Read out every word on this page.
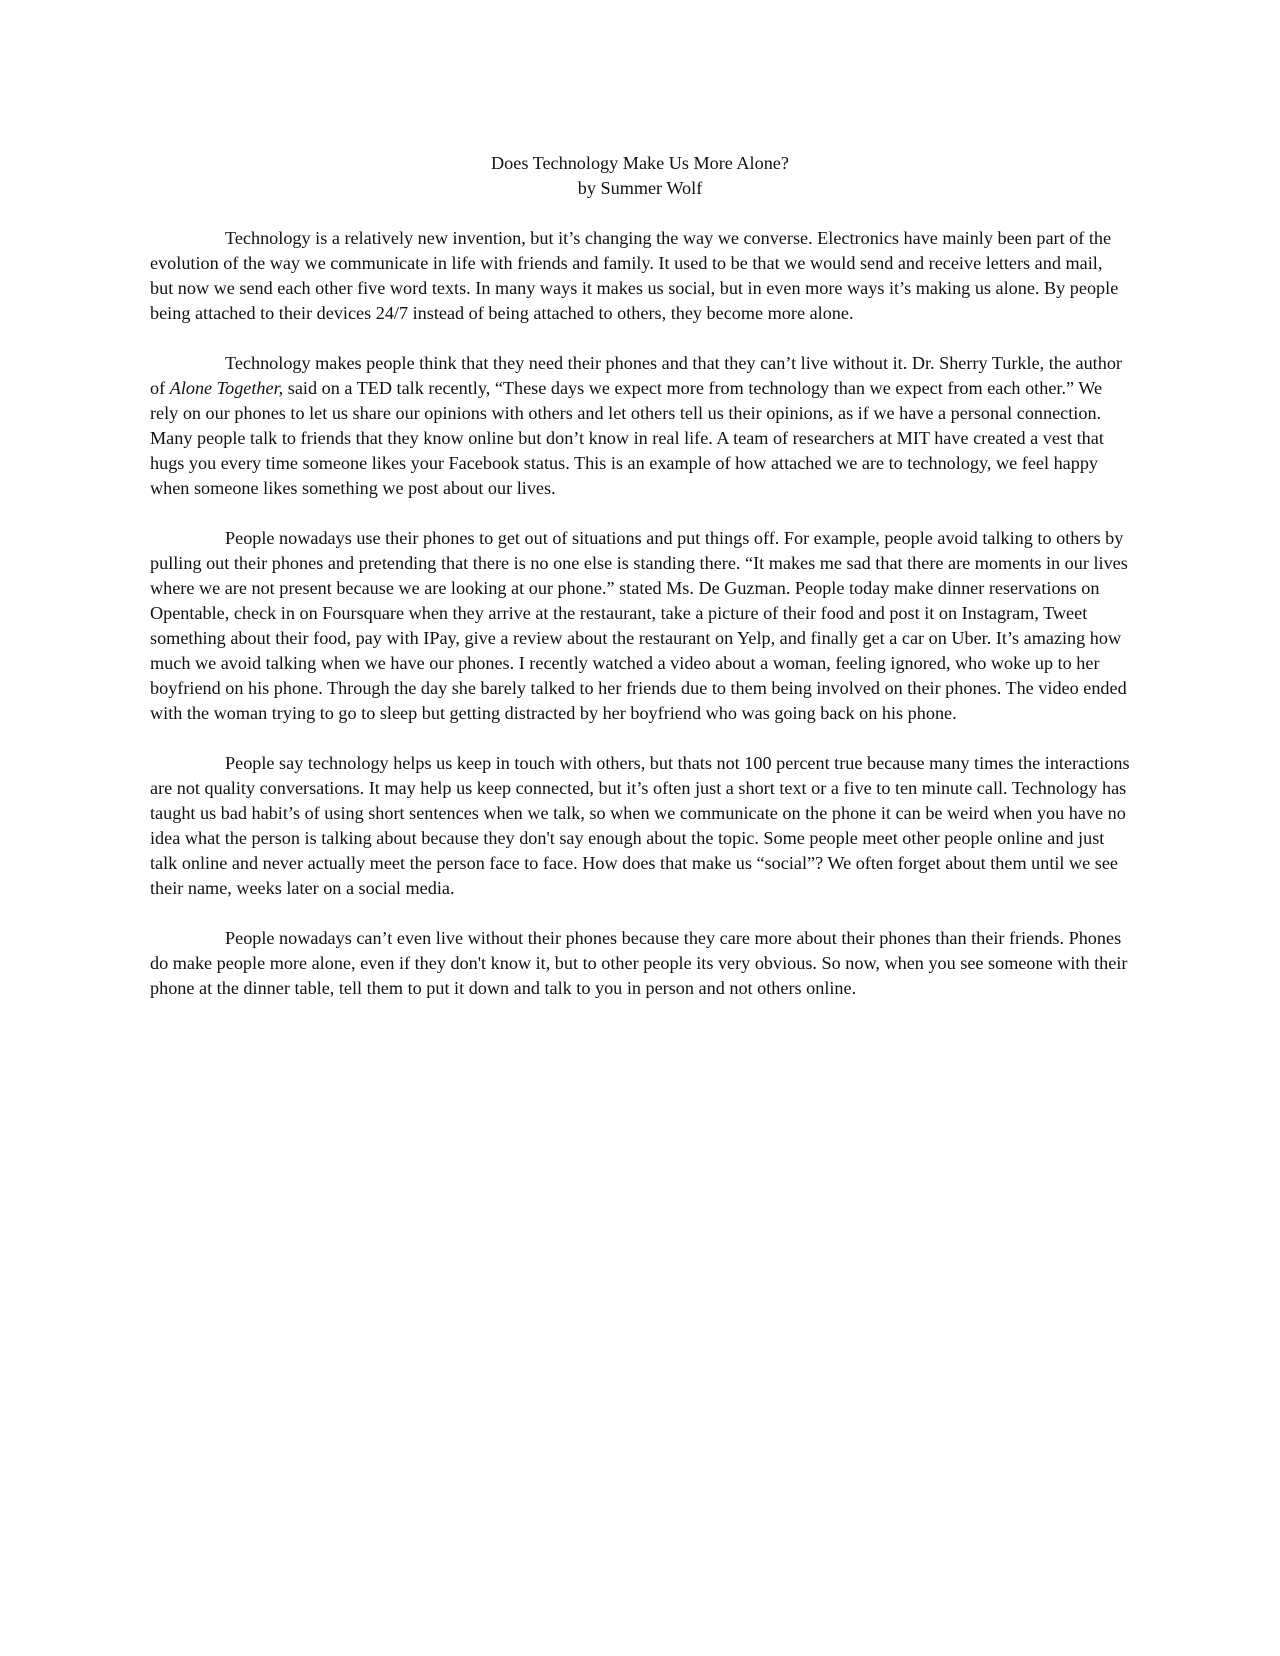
Does Technology Make Us More Alone?
by Summer Wolf

Technology is a relatively new invention, but it’s changing the way we converse. Electronics have mainly been part of the evolution of the way we communicate in life with friends and family. It used to be that we would send and receive letters and mail, but now we send each other five word texts. In many ways it makes us social, but in even more ways it’s making us alone. By people being attached to their devices 24/7 instead of being attached to others, they become more alone.

Technology makes people think that they need their phones and that they can’t live without it. Dr. Sherry Turkle, the author of Alone Together, said on a TED talk recently, “These days we expect more from technology than we expect from each other.” We rely on our phones to let us share our opinions with others and let others tell us their opinions, as if we have a personal connection. Many people talk to friends that they know online but don’t know in real life. A team of researchers at MIT have created a vest that hugs you every time someone likes your Facebook status. This is an example of how attached we are to technology, we feel happy when someone likes something we post about our lives.

People nowadays use their phones to get out of situations and put things off. For example, people avoid talking to others by pulling out their phones and pretending that there is no one else is standing there. “It makes me sad that there are moments in our lives where we are not present because we are looking at our phone.” stated Ms. De Guzman. People today make dinner reservations on Opentable, check in on Foursquare when they arrive at the restaurant, take a picture of their food and post it on Instagram, Tweet something about their food, pay with IPay, give a review about the restaurant on Yelp, and finally get a car on Uber. It’s amazing how much we avoid talking when we have our phones. I recently watched a video about a woman, feeling ignored, who woke up to her boyfriend on his phone. Through the day she barely talked to her friends due to them being involved on their phones. The video ended with the woman trying to go to sleep but getting distracted by her boyfriend who was going back on his phone.

People say technology helps us keep in touch with others, but thats not 100 percent true because many times the interactions are not quality conversations. It may help us keep connected, but it’s often just a short text or a five to ten minute call. Technology has taught us bad habit’s of using short sentences when we talk, so when we communicate on the phone it can be weird when you have no idea what the person is talking about because they don't say enough about the topic. Some people meet other people online and just talk online and never actually meet the person face to face. How does that make us “social”? We often forget about them until we see their name, weeks later on a social media.

People nowadays can’t even live without their phones because they care more about their phones than their friends. Phones do make people more alone, even if they don't know it, but to other people its very obvious. So now, when you see someone with their phone at the dinner table, tell them to put it down and talk to you in person and not others online.
